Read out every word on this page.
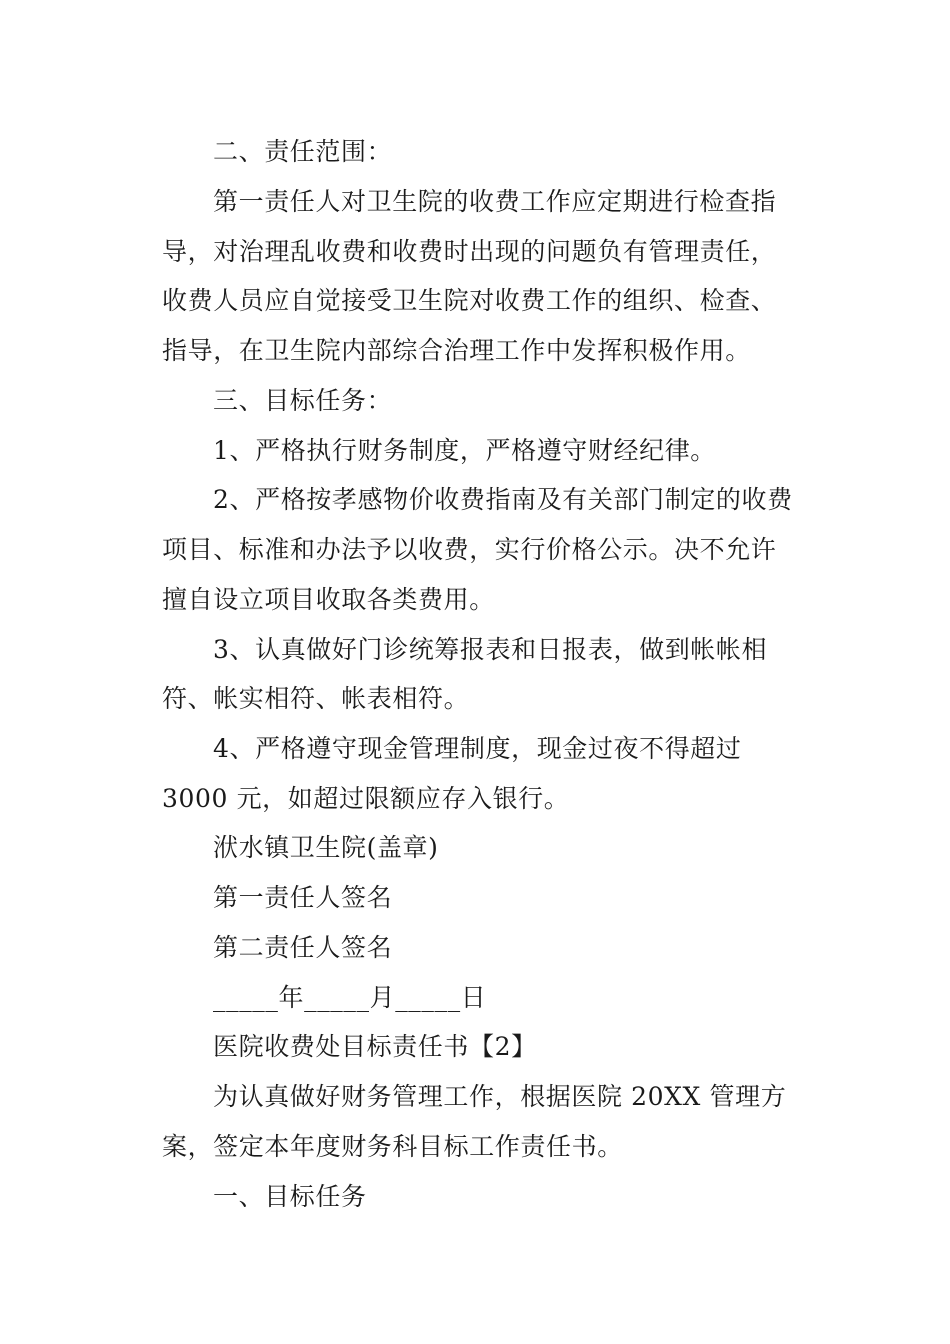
二、责任范围：
第一责任人对卫生院的收费工作应定期进行检查指
导，对治理乱收费和收费时出现的问题负有管理责任，
收费人员应自觉接受卫生院对收费工作的组织、检查、
指导，在卫生院内部综合治理工作中发挥积极作用。
三、目标任务：
1、严格执行财务制度，严格遵守财经纪律。
2、严格按孝感物价收费指南及有关部门制定的收费
项目、标准和办法予以收费，实行价格公示。决不允许
擅自设立项目收取各类费用。
3、认真做好门诊统筹报表和日报表，做到帐帐相
符、帐实相符、帐表相符。
4、严格遵守现金管理制度，现金过夜不得超过
3000 元，如超过限额应存入银行。
洑水镇卫生院(盖章)
第一责任人签名
第二责任人签名
_____年_____月_____日
医院收费处目标责任书【2】
为认真做好财务管理工作，根据医院 20XX 管理方
案，签定本年度财务科目标工作责任书。
一、目标任务
